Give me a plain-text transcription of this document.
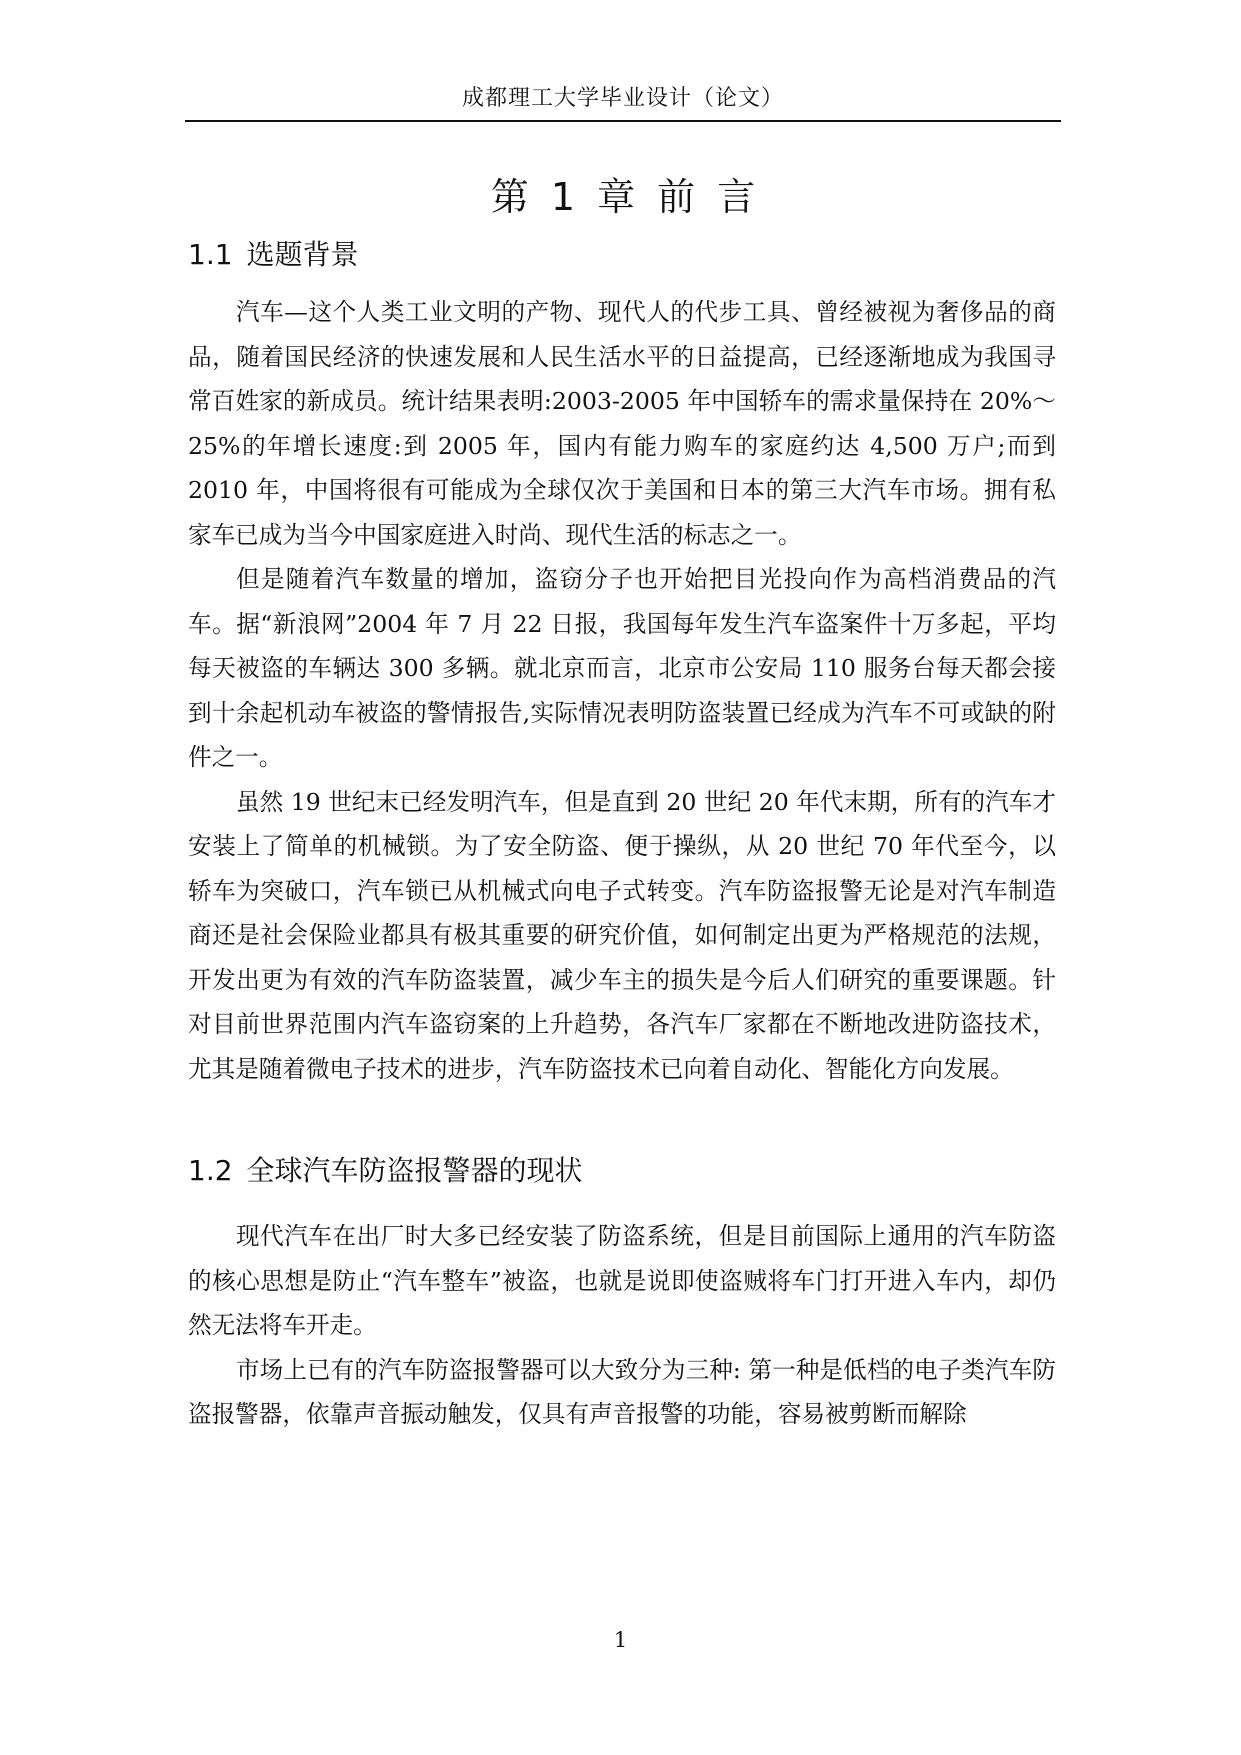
成都理工大学毕业设计（论文）
第 1 章 前 言
1.1 选题背景

汽车—这个人类工业文明的产物、现代人的代步工具、曾经被视为奢侈品的商品，随着国民经济的快速发展和人民生活水平的日益提高，已经逐渐地成为我国寻常百姓家的新成员。统计结果表明:2003-2005 年中国轿车的需求量保持在 20%～25%的年增长速度:到 2005 年，国内有能力购车的家庭约达 4,500 万户;而到 2010 年，中国将很有可能成为全球仅次于美国和日本的第三大汽车市场。拥有私家车已成为当今中国家庭进入时尚、现代生活的标志之一。

但是随着汽车数量的增加，盗窃分子也开始把目光投向作为高档消费品的汽车。据“新浪网”2004 年 7 月 22 日报，我国每年发生汽车盗案件十万多起，平均每天被盗的车辆达 300 多辆。就北京而言，北京市公安局 110 服务台每天都会接到十余起机动车被盗的警情报告,实际情况表明防盗装置已经成为汽车不可或缺的附件之一。

虽然 19 世纪末已经发明汽车，但是直到 20 世纪 20 年代末期，所有的汽车才安装上了简单的机械锁。为了安全防盗、便于操纵，从 20 世纪 70 年代至今，以轿车为突破口，汽车锁已从机械式向电子式转变。汽车防盗报警无论是对汽车制造商还是社会保险业都具有极其重要的研究价值，如何制定出更为严格规范的法规，开发出更为有效的汽车防盗装置，减少车主的损失是今后人们研究的重要课题。针对目前世界范围内汽车盗窃案的上升趋势，各汽车厂家都在不断地改进防盗技术，尤其是随着微电子技术的进步，汽车防盗技术已向着自动化、智能化方向发展。

1.2 全球汽车防盗报警器的现状

现代汽车在出厂时大多已经安装了防盗系统，但是目前国际上通用的汽车防盗的核心思想是防止“汽车整车”被盗，也就是说即使盗贼将车门打开进入车内，却仍然无法将车开走。

市场上已有的汽车防盗报警器可以大致分为三种: 第一种是低档的电子类汽车防盗报警器，依靠声音振动触发，仅具有声音报警的功能，容易被剪断而解除

1
